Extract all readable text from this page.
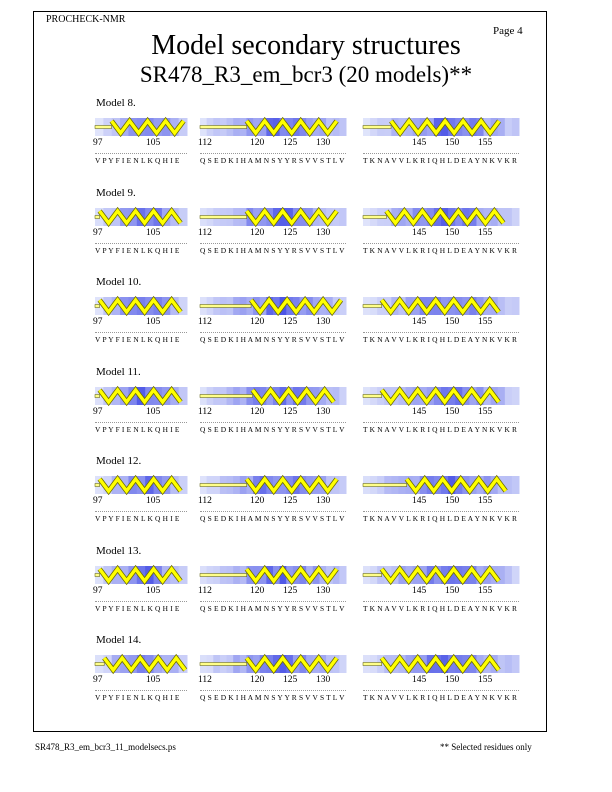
PROCHECK-NMR
Page 4
Model secondary structures
SR478_R3_em_bcr3 (20 models)**
Model 8.
97	105
V P Y F I E N L K Q H I E
112	120 125 130
Q S E D K I H A M N S Y Y R S V V S T L V
145 150 155
T K N A V V L K R I Q H L D E A Y N K V K R
Model 9.
97	105
V P Y F I E N L K Q H I E
112	120 125 130
Q S E D K I H A M N S Y Y R S V V S T L V
145 150 155
T K N A V V L K R I Q H L D E A Y N K V K R
Model 10.
97	105
V P Y F I E N L K Q H I E
112	120 125 130
Q S E D K I H A M N S Y Y R S V V S T L V
145 150 155
T K N A V V L K R I Q H L D E A Y N K V K R
Model 11.
97	105
V P Y F I E N L K Q H I E
112	120 125 130
Q S E D K I H A M N S Y Y R S V V S T L V
145 150 155
T K N A V V L K R I Q H L D E A Y N K V K R
Model 12.
97	105
V P Y F I E N L K Q H I E
112	120 125 130
Q S E D K I H A M N S Y Y R S V V S T L V
145 150 155
T K N A V V L K R I Q H L D E A Y N K V K R
Model 13.
97	105
V P Y F I E N L K Q H I E
112	120 125 130
Q S E D K I H A M N S Y Y R S V V S T L V
145 150 155
T K N A V V L K R I Q H L D E A Y N K V K R
Model 14.
97	105
V P Y F I E N L K Q H I E
112	120 125 130
Q S E D K I H A M N S Y Y R S V V S T L V
145 150 155
T K N A V V L K R I Q H L D E A Y N K V K R
SR478_R3_em_bcr3_11_modelsecs.ps	** Selected residues only
